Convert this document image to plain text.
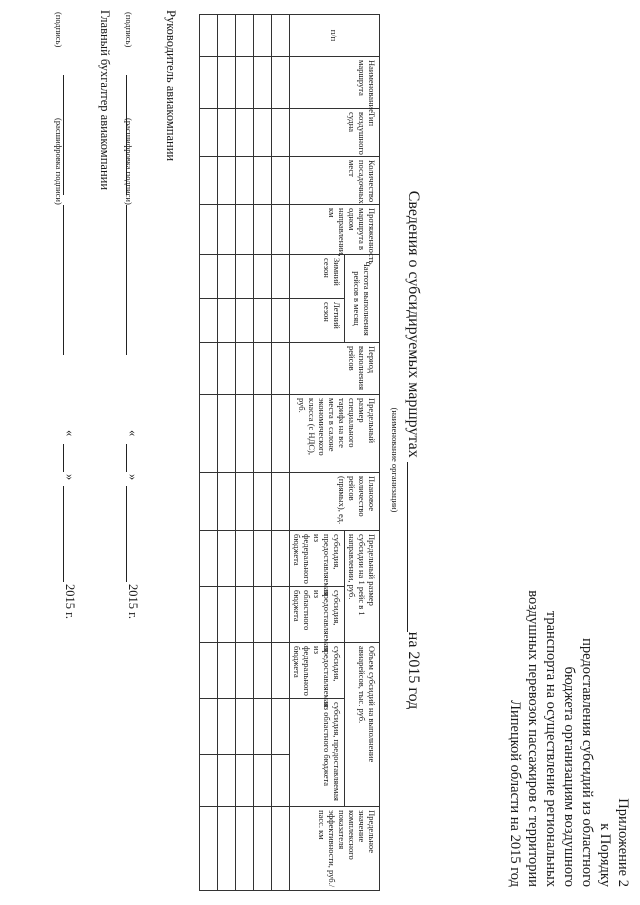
Приложение 2
к Порядку
предоставления субсидий из областного
бюджета организациям воздушного
транспорта на осуществление региональных
воздушных перевозок пассажиров с территории
Липецкой области на 2015 год
Сведения о субсидируемых маршрутах на 2015 год
(наименование организации)
п/п	Наименование маршрута	Тип воздушного судна	Количество посадочных мест	Протяженность маршрута в одном направлении, км	Частота выполнения рейсов в месяц		Период выполнения рейсов	Предельный размер специального тарифа на все места в салоне экономического класса (с НДС), руб.	Плановое количество рейсов (прямых), ед.	Предельный размер субсидии на 1 рейс в 1 направлении, руб.		Объем субсидий на выполнение авиарейсов, тыс. руб.			Предельное значение комплексного показателя эффективности, руб./пасс. км
					Зимний сезон	Летний сезон				субсидия, предоставляемая из федерального бюджета	субсидия, предоставляемая из областного бюджета	субсидия, предоставляемая из федерального бюджета	субсидия, предоставляемая из областного бюджета		

Руководитель авиакомпании
(подпись)
(расшифровка подписи)
«
»
2015 г.
Главный бухгалтер авиакомпании
(подпись)
(расшифровка подписи)
«
»
2015 г.
